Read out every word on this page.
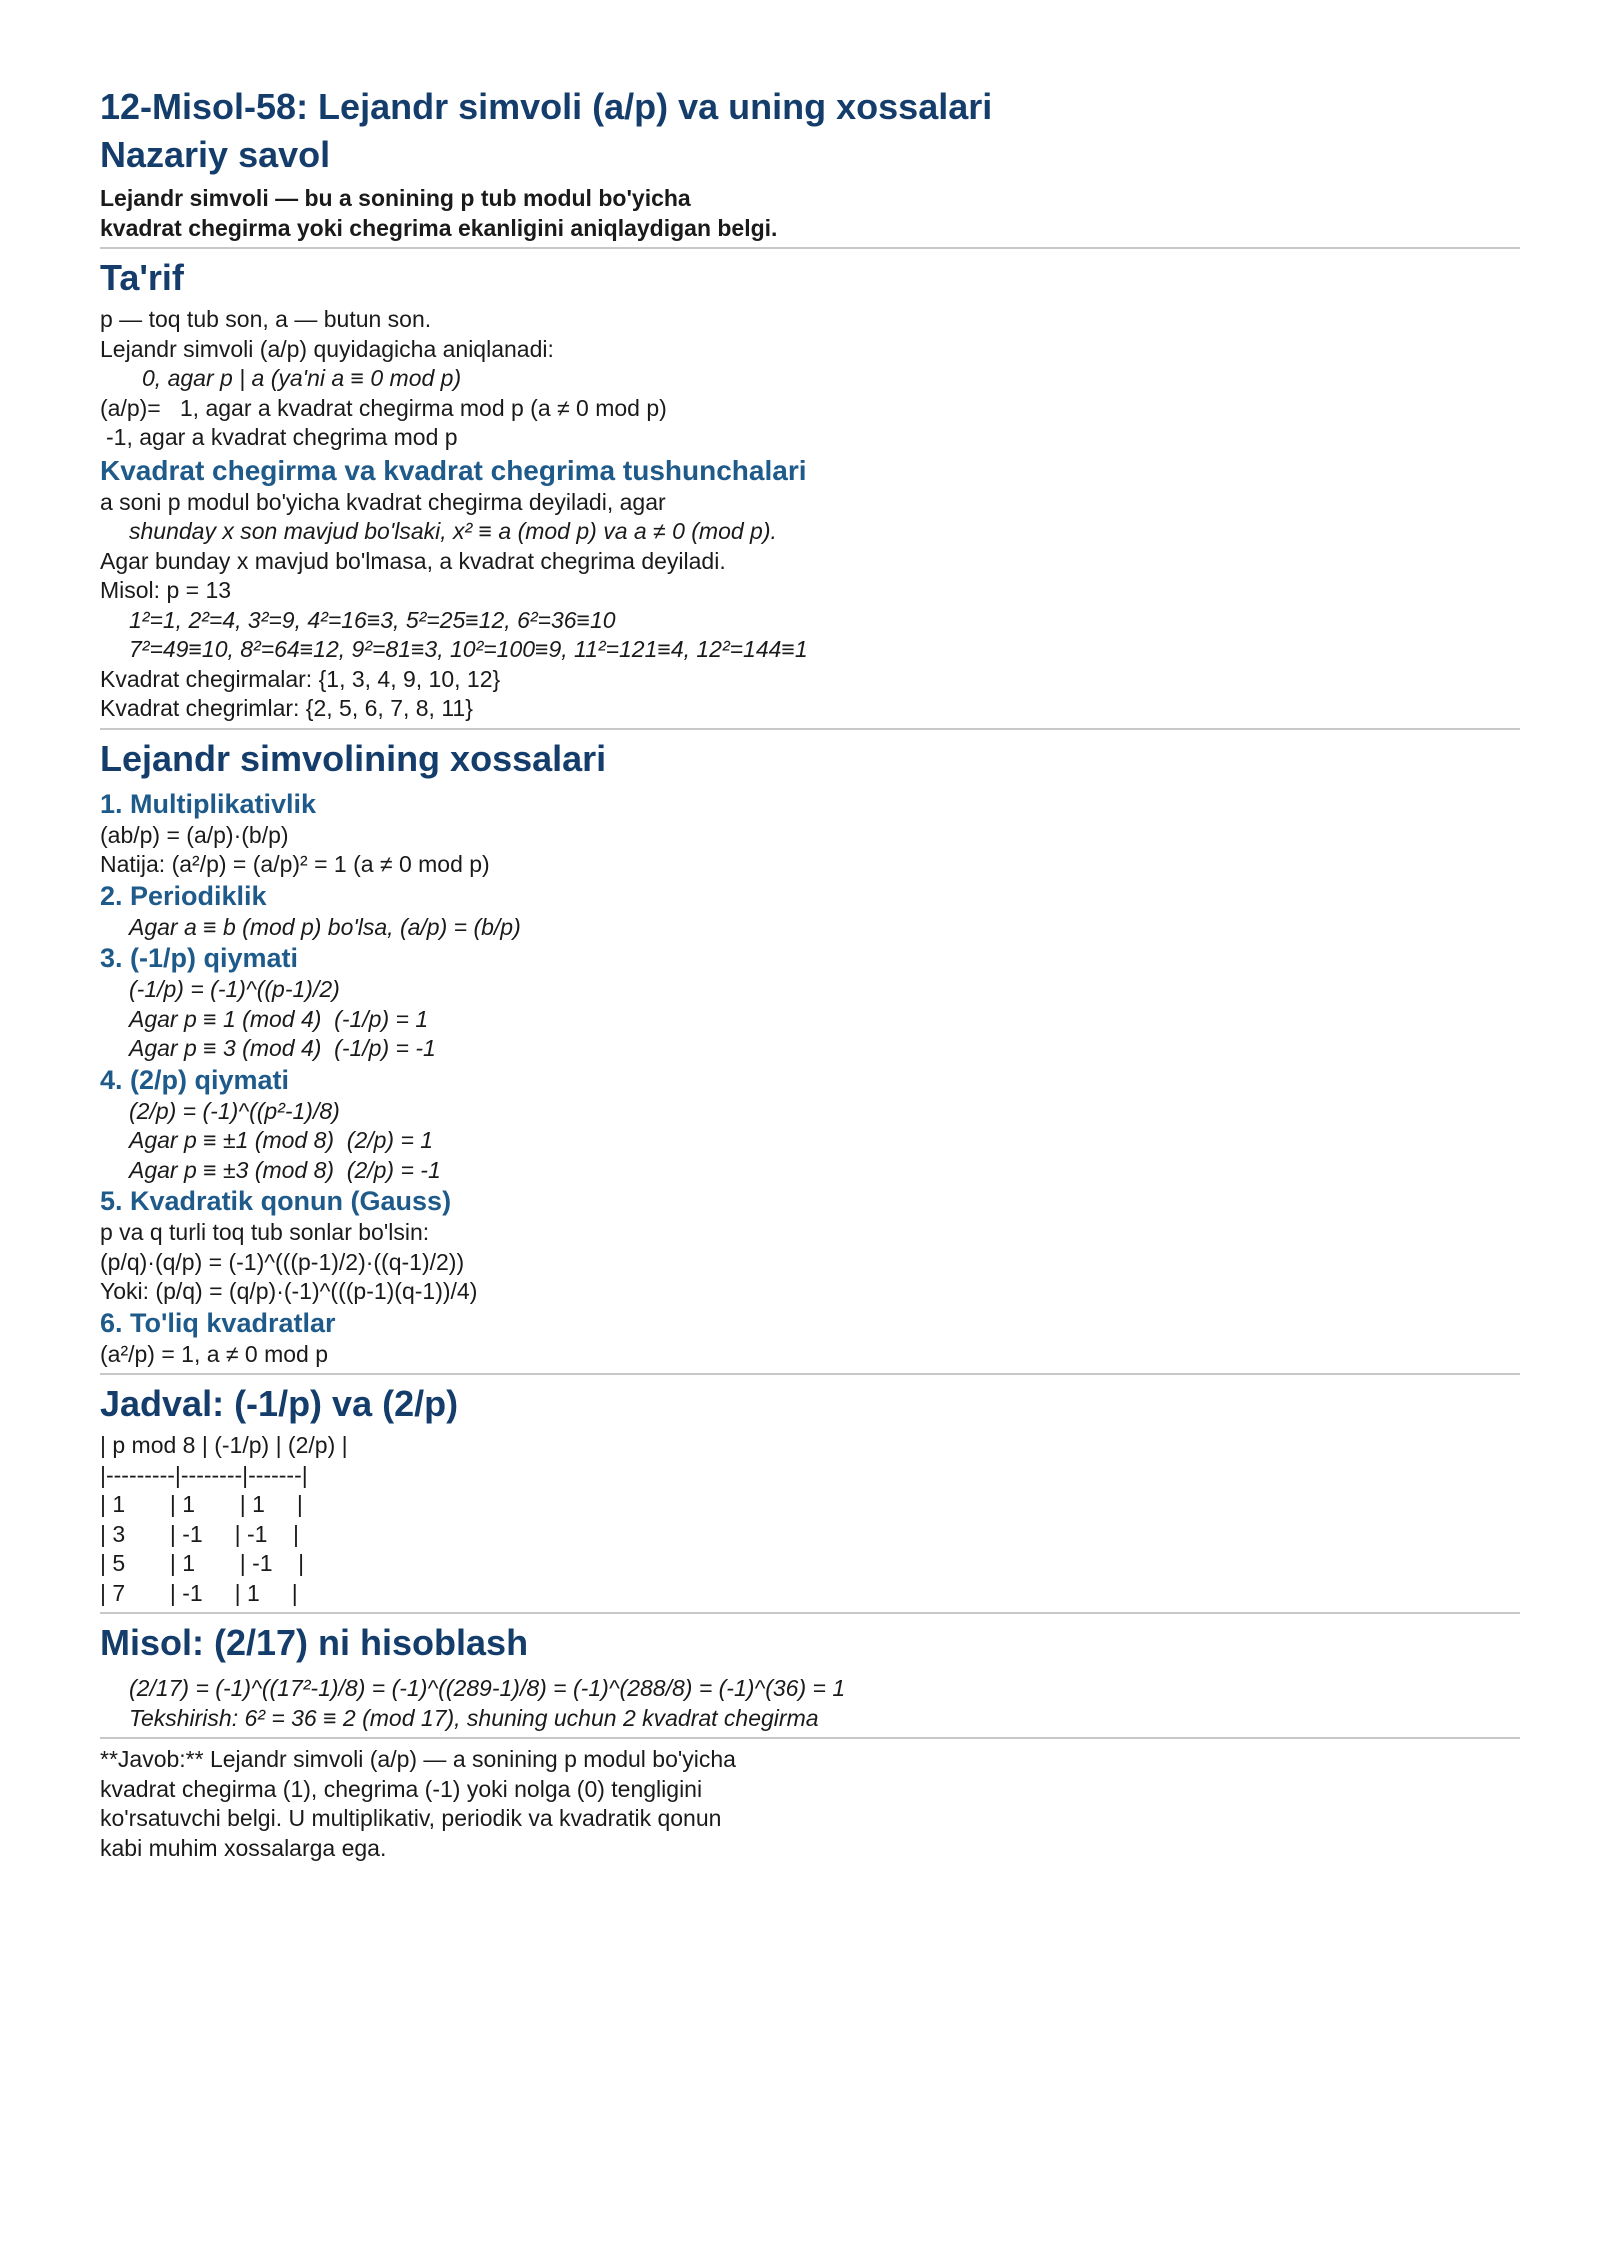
12-Misol-58: Lejandr simvoli (a/p) va uning xossalari
Nazariy savol

Lejandr simvoli — bu a sonining p tub modul bo'yicha

kvadrat chegirma yoki chegrima ekanligini aniqlaydigan belgi.

Ta'rif

p — toq tub son, a — butun son.

Lejandr simvoli (a/p) quyidagicha aniqlanadi:

0, agar p | a (ya'ni a ≡ 0 mod p)

(a/p)=   1, agar a kvadrat chegirma mod p (a ≠ 0 mod p)

-1, agar a kvadrat chegrima mod p

Kvadrat chegirma va kvadrat chegrima tushunchalari

a soni p modul bo'yicha kvadrat chegirma deyiladi, agar

shunday x son mavjud bo'lsaki, x² ≡ a (mod p) va a ≠ 0 (mod p).

Agar bunday x mavjud bo'lmasa, a kvadrat chegrima deyiladi.

Misol: p = 13

1²=1, 2²=4, 3²=9, 4²=16≡3, 5²=25≡12, 6²=36≡10

7²=49≡10, 8²=64≡12, 9²=81≡3, 10²=100≡9, 11²=121≡4, 12²=144≡1

Kvadrat chegirmalar: {1, 3, 4, 9, 10, 12}

Kvadrat chegrimlar: {2, 5, 6, 7, 8, 11}

Lejandr simvolining xossalari
1. Multiplikativlik

(ab/p) = (a/p)·(b/p)

Natija: (a²/p) = (a/p)² = 1 (a ≠ 0 mod p)

2. Periodiklik

Agar a ≡ b (mod p) bo'lsa, (a/p) = (b/p)

3. (-1/p) qiymati

(-1/p) = (-1)^((p-1)/2)

Agar p ≡ 1 (mod 4)  (-1/p) = 1

Agar p ≡ 3 (mod 4)  (-1/p) = -1

4. (2/p) qiymati

(2/p) = (-1)^((p²-1)/8)

Agar p ≡ ±1 (mod 8)  (2/p) = 1

Agar p ≡ ±3 (mod 8)  (2/p) = -1

5. Kvadratik qonun (Gauss)

p va q turli toq tub sonlar bo'lsin:

(p/q)·(q/p) = (-1)^(((p-1)/2)·((q-1)/2))

Yoki: (p/q) = (q/p)·(-1)^(((p-1)(q-1))/4)

6. To'liq kvadratlar

(a²/p) = 1, a ≠ 0 mod p

Jadval: (-1/p) va (2/p)

| p mod 8 | (-1/p) | (2/p) |

|---------|--------|-------|

| 1       | 1       | 1     |

| 3       | -1     | -1    |

| 5       | 1       | -1    |

| 7       | -1     | 1     |

Misol: (2/17) ni hisoblash

(2/17) = (-1)^((17²-1)/8) = (-1)^((289-1)/8) = (-1)^(288/8) = (-1)^(36) = 1

Tekshirish: 6² = 36 ≡ 2 (mod 17), shuning uchun 2 kvadrat chegirma

**Javob:** Lejandr simvoli (a/p) — a sonining p modul bo'yicha

kvadrat chegirma (1), chegrima (-1) yoki nolga (0) tengligini

ko'rsatuvchi belgi. U multiplikativ, periodik va kvadratik qonun

kabi muhim xossalarga ega.
